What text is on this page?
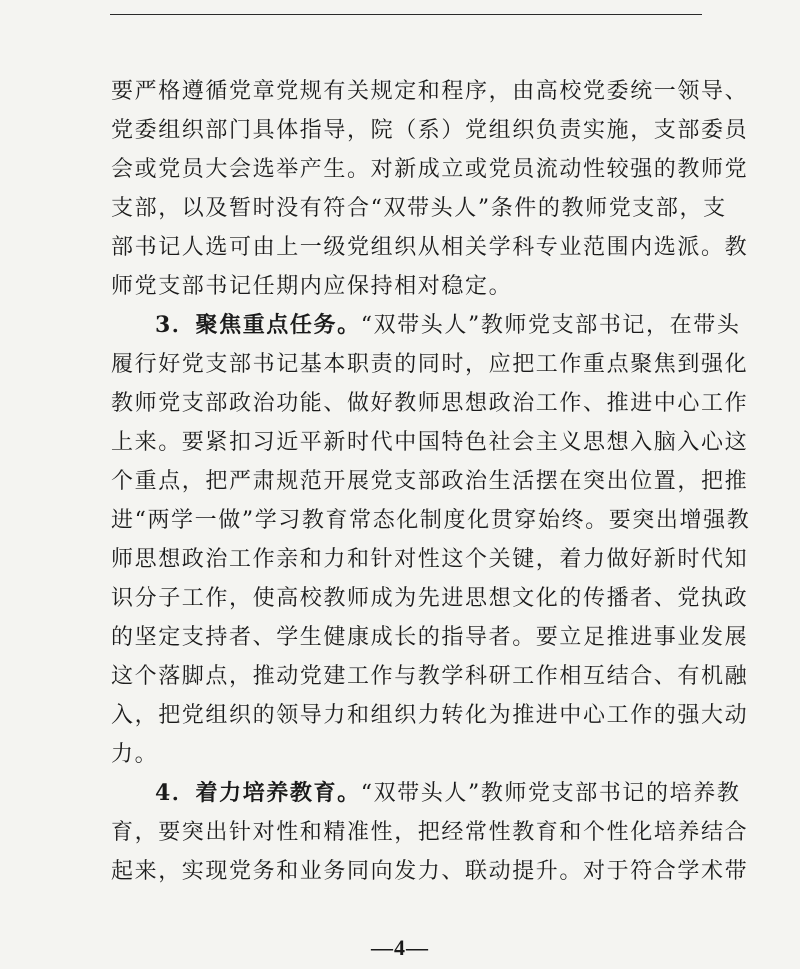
要严格遵循党章党规有关规定和程序，由高校党委统一领导、
党委组织部门具体指导，院（系）党组织负责实施，支部委员
会或党员大会选举产生。对新成立或党员流动性较强的教师党
支部，以及暂时没有符合“双带头人”条件的教师党支部，支
部书记人选可由上一级党组织从相关学科专业范围内选派。教
师党支部书记任期内应保持相对稳定。
3．聚焦重点任务。“双带头人”教师党支部书记，在带头
履行好党支部书记基本职责的同时，应把工作重点聚焦到强化
教师党支部政治功能、做好教师思想政治工作、推进中心工作
上来。要紧扣习近平新时代中国特色社会主义思想入脑入心这
个重点，把严肃规范开展党支部政治生活摆在突出位置，把推
进“两学一做”学习教育常态化制度化贯穿始终。要突出增强教
师思想政治工作亲和力和针对性这个关键，着力做好新时代知
识分子工作，使高校教师成为先进思想文化的传播者、党执政
的坚定支持者、学生健康成长的指导者。要立足推进事业发展
这个落脚点，推动党建工作与教学科研工作相互结合、有机融
入，把党组织的领导力和组织力转化为推进中心工作的强大动
力。
4．着力培养教育。“双带头人”教师党支部书记的培养教
育，要突出针对性和精准性，把经常性教育和个性化培养结合
起来，实现党务和业务同向发力、联动提升。对于符合学术带
—4—
